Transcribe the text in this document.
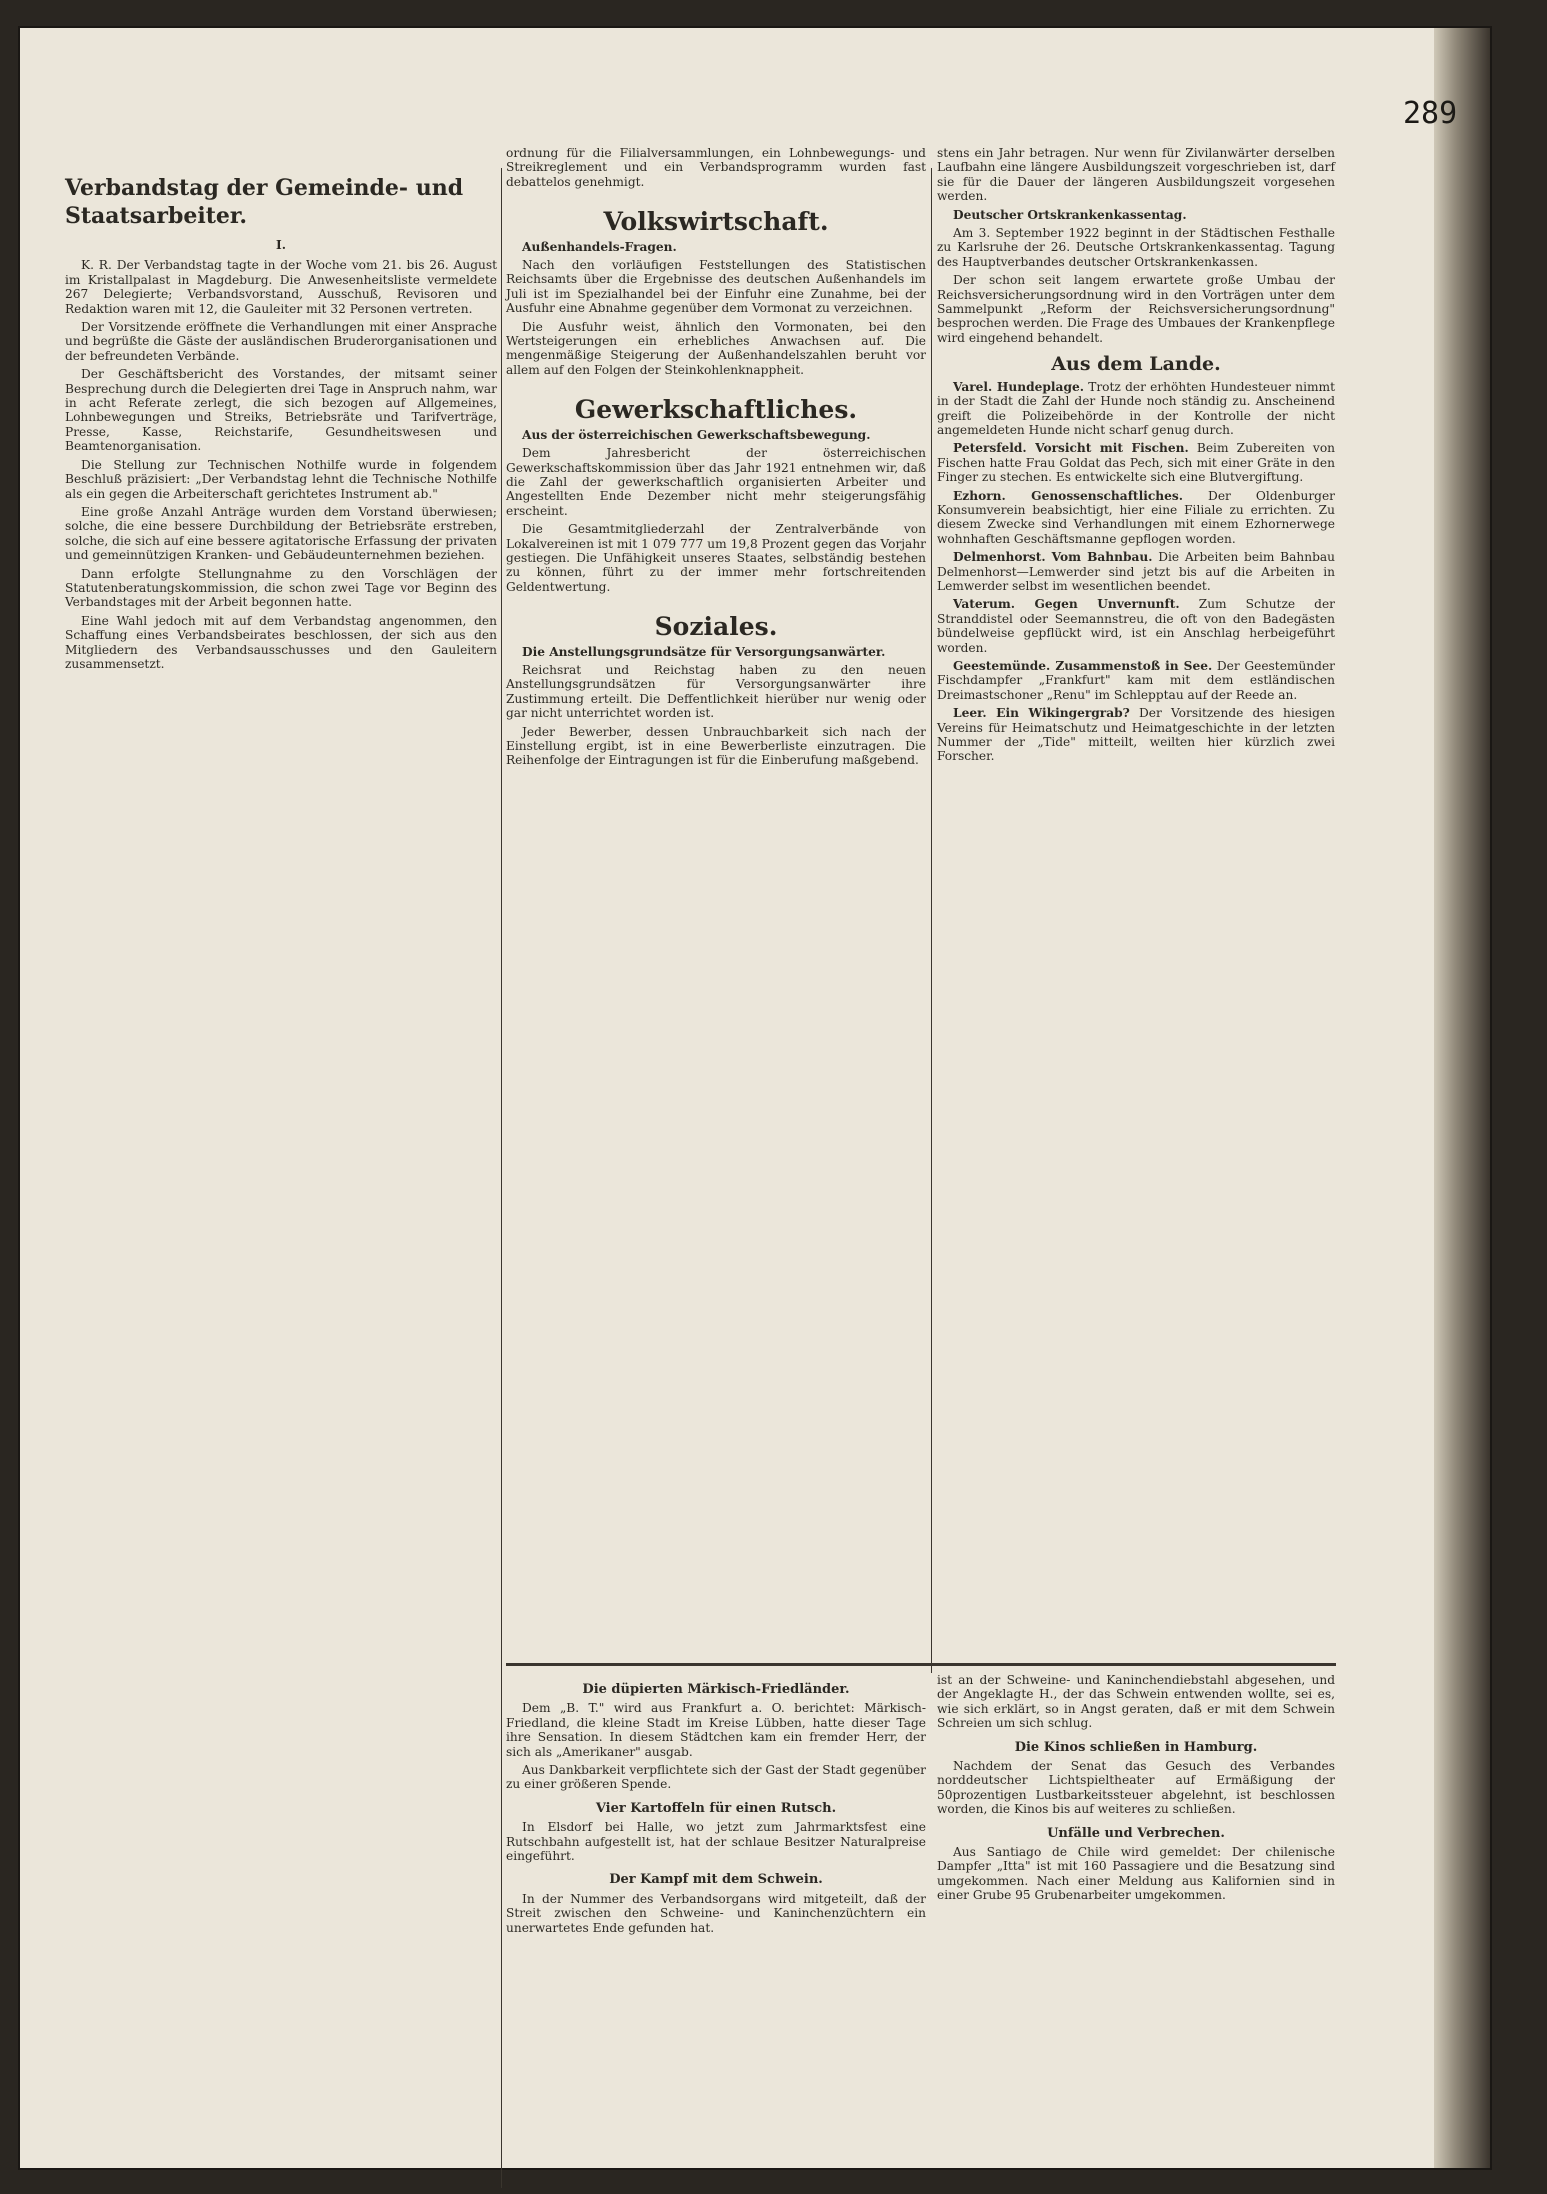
289
Verbandstag der Gemeinde- und Staatsarbeiter.
I.

K. R. Der Verbandstag tagte in der Woche vom 21. bis 26. August im Kristallpalast in Magdeburg. Die Anwesenheitsliste vermeldete 267 Delegierte; Verbandsvorstand, Ausschuß, Revisoren und Redaktion waren mit 12, die Gauleiter mit 32 Personen vertreten.

Der Vorsitzende eröffnete die Verhandlungen mit einer Ansprache und begrüßte die Gäste der ausländischen Bruderorganisationen und der befreundeten Verbände.

Der Geschäftsbericht des Vorstandes, der mitsamt seiner Besprechung durch die Delegierten drei Tage in Anspruch nahm, war in acht Referate zerlegt, die sich bezogen auf Allgemeines, Lohnbewegungen und Streiks, Betriebsräte und Tarifverträge, Presse, Kasse, Reichstarife, Gesundheitswesen und Beamtenorganisation.

Die Stellung zur Technischen Nothilfe wurde in folgendem Beschluß präzisiert: „Der Verbandstag lehnt die Technische Nothilfe als ein gegen die Arbeiterschaft gerichtetes Instrument ab."

Eine große Anzahl Anträge wurden dem Vorstand überwiesen; solche, die eine bessere Durchbildung der Betriebsräte erstreben, solche, die sich auf eine bessere agitatorische Erfassung der privaten und gemeinnützigen Kranken- und Gebäudeunternehmen beziehen.

Dann erfolgte Stellungnahme zu den Vorschlägen der Statutenberatungskommission, die schon zwei Tage vor Beginn des Verbandstages mit der Arbeit begonnen hatte.

Eine Wahl jedoch mit auf dem Verbandstag angenommen, den Schaffung eines Verbandsbeirates beschlossen, der sich aus den Mitgliedern des Verbandsausschusses und den Gauleitern zusammensetzt.

ordnung für die Filialversammlungen, ein Lohnbewegungs- und Streikreglement und ein Verbandsprogramm wurden fast debattelos genehmigt.

Volkswirtschaft.

Außenhandels-Fragen.

Nach den vorläufigen Feststellungen des Statistischen Reichsamts über die Ergebnisse des deutschen Außenhandels im Juli ist im Spezialhandel bei der Einfuhr eine Zunahme, bei der Ausfuhr eine Abnahme gegenüber dem Vormonat zu verzeichnen.

Die Ausfuhr weist, ähnlich den Vormonaten, bei den Wertsteigerungen ein erhebliches Anwachsen auf. Die mengenmäßige Steigerung der Außenhandelszahlen beruht vor allem auf den Folgen der Steinkohlenknappheit.

Gewerkschaftliches.

Aus der österreichischen Gewerkschaftsbewegung.

Dem Jahresbericht der österreichischen Gewerkschaftskommission über das Jahr 1921 entnehmen wir, daß die Zahl der gewerkschaftlich organisierten Arbeiter und Angestellten Ende Dezember nicht mehr steigerungsfähig erscheint.

Die Gesamtmitgliederzahl der Zentralverbände von Lokalvereinen ist mit 1 079 777 um 19,8 Prozent gegen das Vorjahr gestiegen. Die Unfähigkeit unseres Staates, selbständig bestehen zu können, führt zu der immer mehr fortschreitenden Geldentwertung.

Soziales.

Die Anstellungsgrundsätze für Versorgungsanwärter.

Reichsrat und Reichstag haben zu den neuen Anstellungsgrundsätzen für Versorgungsanwärter ihre Zustimmung erteilt. Die Deffentlichkeit hierüber nur wenig oder gar nicht unterrichtet worden ist.

Jeder Bewerber, dessen Unbrauchbarkeit sich nach der Einstellung ergibt, ist in eine Bewerberliste einzutragen. Die Reihenfolge der Eintragungen ist für die Einberufung maßgebend.

stens ein Jahr betragen. Nur wenn für Zivilanwärter derselben Laufbahn eine längere Ausbildungszeit vorgeschrieben ist, darf sie für die Dauer der längeren Ausbildungszeit vorgesehen werden.

Deutscher Ortskrankenkassentag.

Am 3. September 1922 beginnt in der Städtischen Festhalle zu Karlsruhe der 26. Deutsche Ortskrankenkassentag. Tagung des Hauptverbandes deutscher Ortskrankenkassen.

Der schon seit langem erwartete große Umbau der Reichsversicherungsordnung wird in den Vorträgen unter dem Sammelpunkt „Reform der Reichsversicherungsordnung" besprochen werden. Die Frage des Umbaues der Krankenpflege wird eingehend behandelt.

Aus dem Lande.

Varel. Hundeplage. Trotz der erhöhten Hundesteuer nimmt in der Stadt die Zahl der Hunde noch ständig zu. Anscheinend greift die Polizeibehörde in der Kontrolle der nicht angemeldeten Hunde nicht scharf genug durch.

Petersfeld. Vorsicht mit Fischen. Beim Zubereiten von Fischen hatte Frau Goldat das Pech, sich mit einer Gräte in den Finger zu stechen. Es entwickelte sich eine Blutvergiftung.

Ezhorn. Genossenschaftliches. Der Oldenburger Konsumverein beabsichtigt, hier eine Filiale zu errichten. Zu diesem Zwecke sind Verhandlungen mit einem Ezhornerwege wohnhaften Geschäftsmanne gepflogen worden.

Delmenhorst. Vom Bahnbau. Die Arbeiten beim Bahnbau Delmenhorst—Lemwerder sind jetzt bis auf die Arbeiten in Lemwerder selbst im wesentlichen beendet.

Vaterum. Gegen Unvernunft. Zum Schutze der Stranddistel oder Seemannstreu, die oft von den Badegästen bündelweise gepflückt wird, ist ein Anschlag herbeigeführt worden.

Geestemünde. Zusammenstoß in See. Der Geestemünder Fischdampfer „Frankfurt" kam mit dem estländischen Dreimastschoner „Renu" im Schlepptau auf der Reede an.

Leer. Ein Wikingergrab? Der Vorsitzende des hiesigen Vereins für Heimatschutz und Heimatgeschichte in der letzten Nummer der „Tide" mitteilt, weilten hier kürzlich zwei Forscher.

Die düpierten Märkisch-Friedländer.

Dem „B. T." wird aus Frankfurt a. O. berichtet: Märkisch-Friedland, die kleine Stadt im Kreise Lübben, hatte dieser Tage ihre Sensation. In diesem Städtchen kam ein fremder Herr, der sich als „Amerikaner" ausgab.

Aus Dankbarkeit verpflichtete sich der Gast der Stadt gegenüber zu einer größeren Spende.

Vier Kartoffeln für einen Rutsch.

In Elsdorf bei Halle, wo jetzt zum Jahrmarktsfest eine Rutschbahn aufgestellt ist, hat der schlaue Besitzer Naturalpreise eingeführt.

Der Kampf mit dem Schwein.

In der Nummer des Verbandsorgans wird mitgeteilt, daß der Streit zwischen den Schweine- und Kaninchenzüchtern ein unerwartetes Ende gefunden hat.

ist an der Schweine- und Kaninchendiebstahl abgesehen, und der Angeklagte H., der das Schwein entwenden wollte, sei es, wie sich erklärt, so in Angst geraten, daß er mit dem Schwein Schreien um sich schlug.

Die Kinos schließen in Hamburg.

Nachdem der Senat das Gesuch des Verbandes norddeutscher Lichtspieltheater auf Ermäßigung der 50prozentigen Lustbarkeitssteuer abgelehnt, ist beschlossen worden, die Kinos bis auf weiteres zu schließen.

Unfälle und Verbrechen.

Aus Santiago de Chile wird gemeldet: Der chilenische Dampfer „Itta" ist mit 160 Passagiere und die Besatzung sind umgekommen. Nach einer Meldung aus Kalifornien sind in einer Grube 95 Grubenarbeiter umgekommen.
